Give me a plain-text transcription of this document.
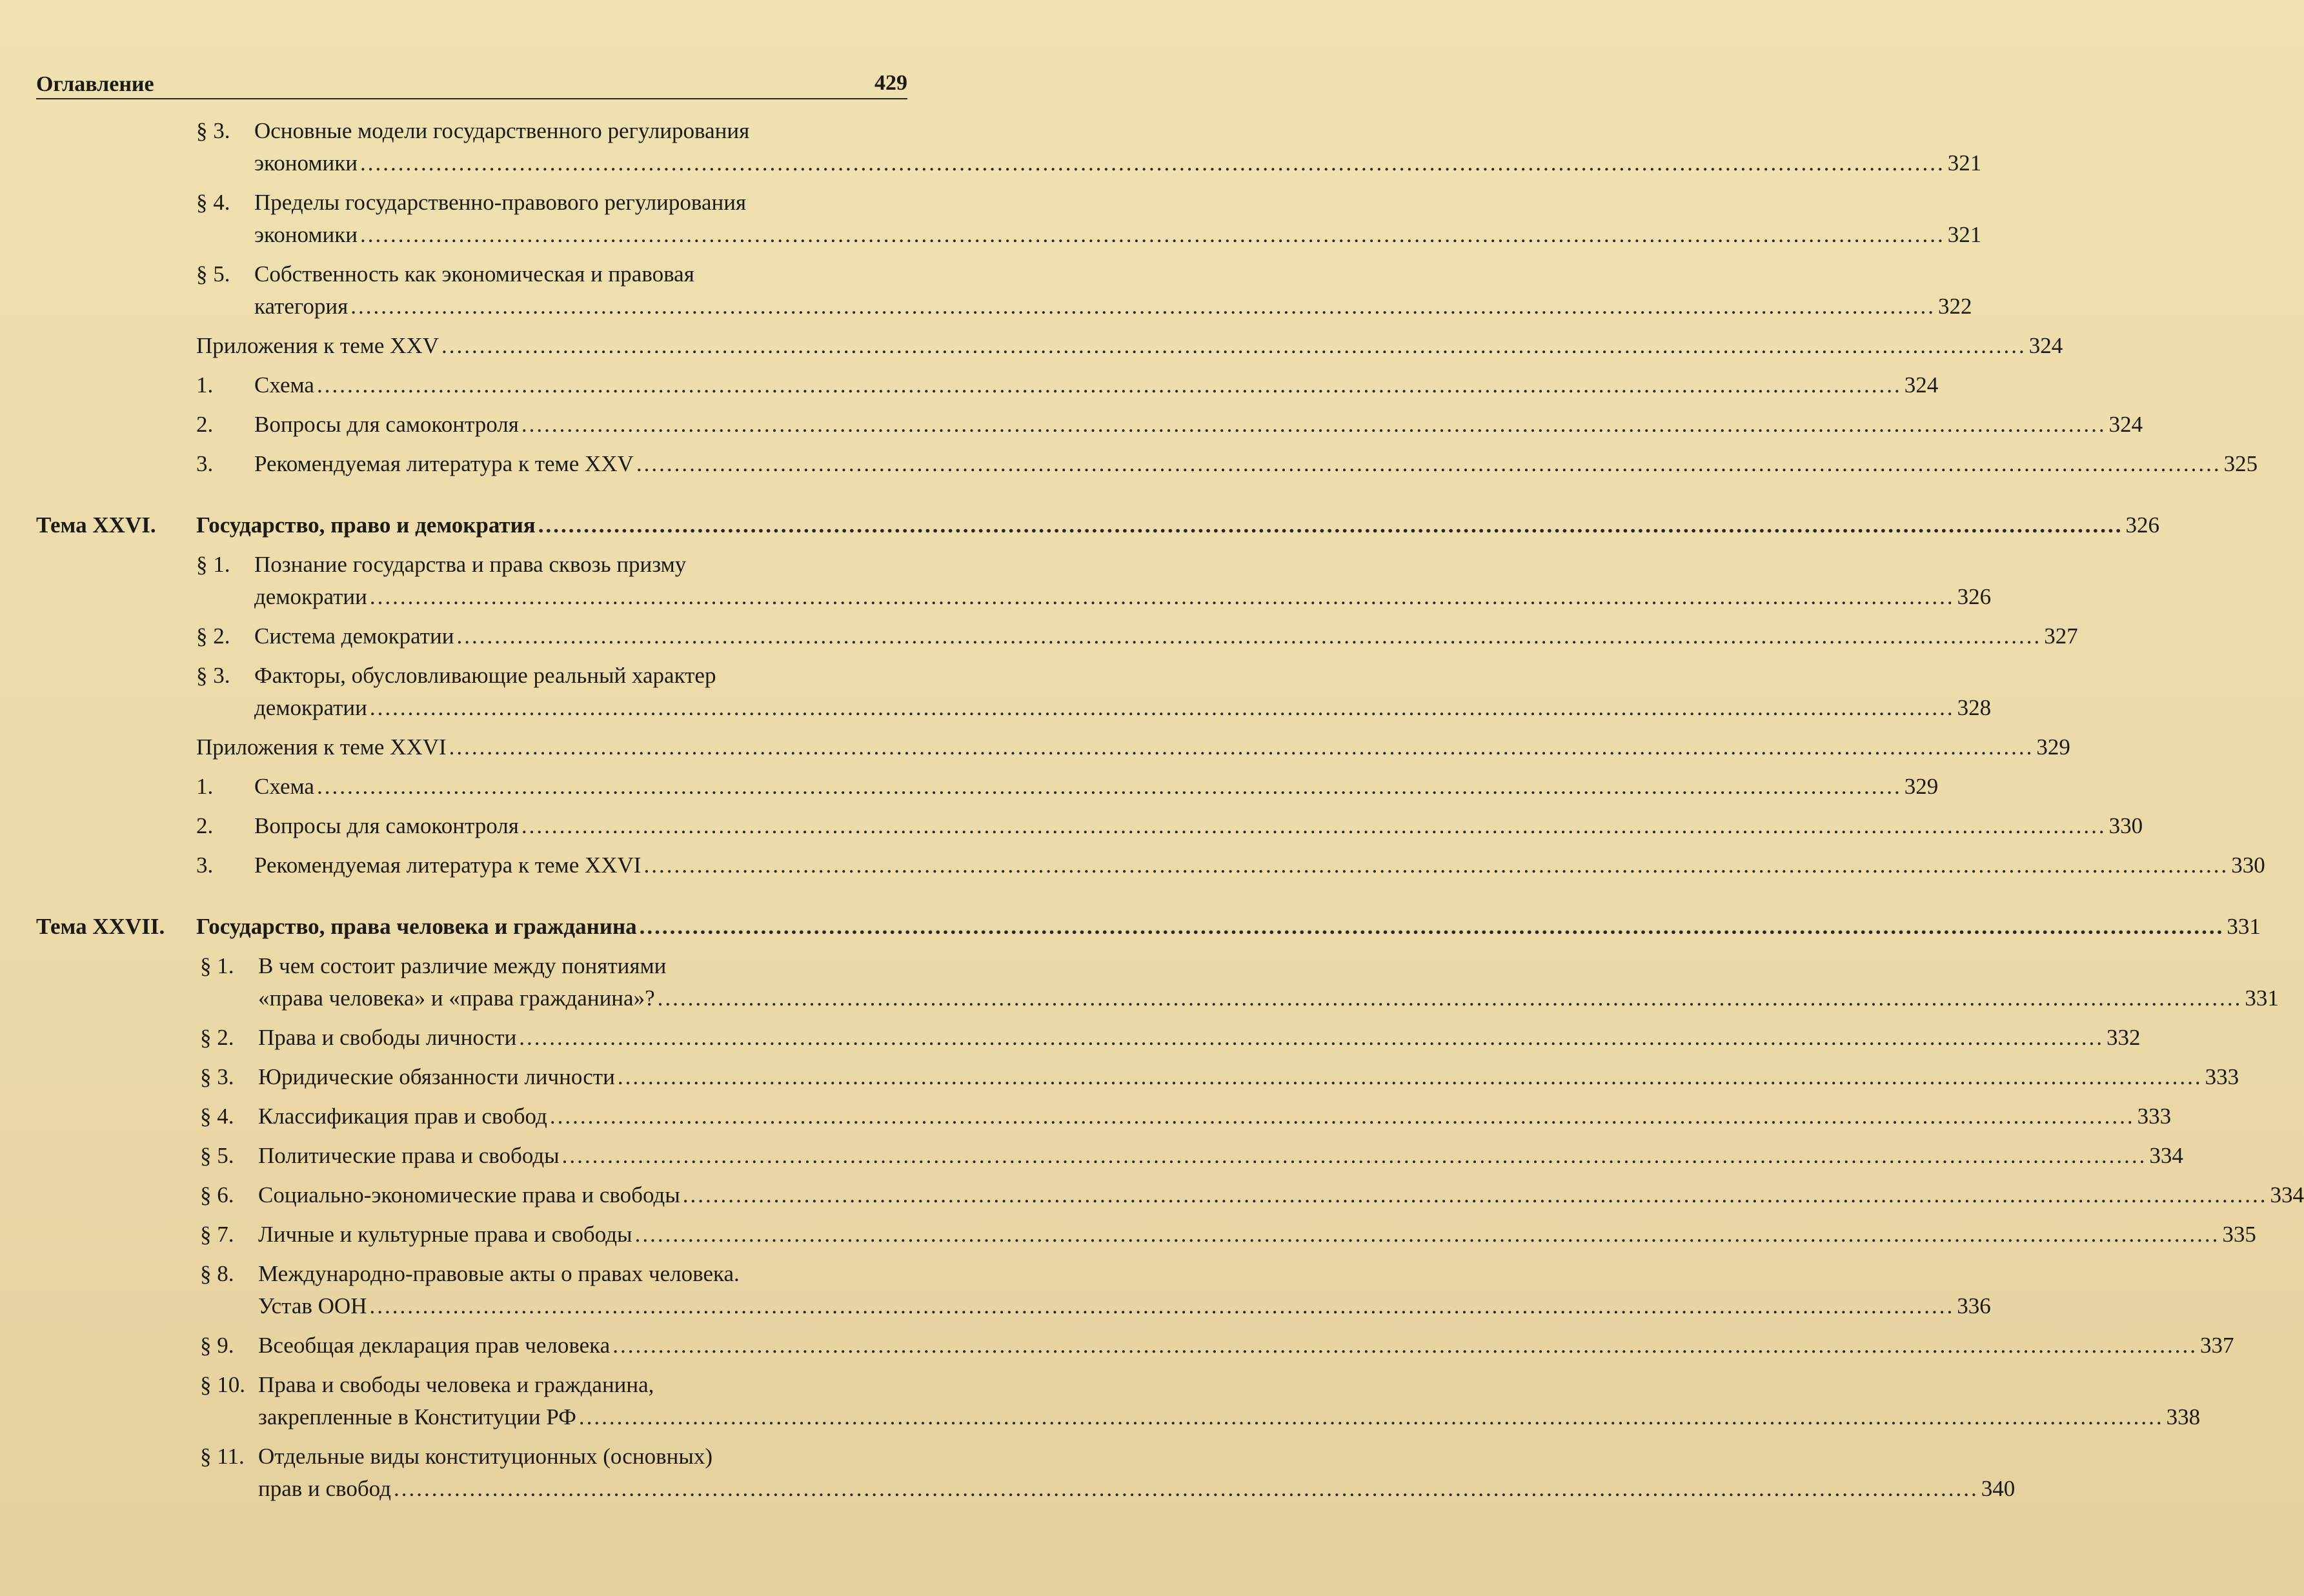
Оглавление	429
§ 3.	Основные модели государственного регулирования
экономики .....	321
§ 4.	Пределы государственно-правового регулирования
экономики .....	321
§ 5.	Собственность как экономическая и правовая
категория .....	322
Приложения к теме XXV .....	324
1.	Схема .....	324
2.	Вопросы для самоконтроля .....	324
3.	Рекомендуемая литература к теме XXV .....	325
Тема XXVI.	Государство, право и демократия .....	326
§ 1.	Познание государства и права сквозь призму
демократии .....	326
§ 2.	Система демократии .....	327
§ 3.	Факторы, обусловливающие реальный характер
демократии .....	328
Приложения к теме XXVI .....	329
1.	Схема .....	329
2.	Вопросы для самоконтроля .....	330
3.	Рекомендуемая литература к теме XXVI .....	330
Тема XXVII.	Государство, права человека и гражданина .....	331
§ 1.	В чем состоит различие между понятиями
«права человека» и «права гражданина»? .....	331
§ 2.	Права и свободы личности .....	332
§ 3.	Юридические обязанности личности .....	333
§ 4.	Классификация прав и свобод .....	333
§ 5.	Политические права и свободы .....	334
§ 6.	Социально-экономические права и свободы .....	334
§ 7.	Личные и культурные права и свободы .....	335
§ 8.	Международно-правовые акты о правах человека.
Устав ООН .....	336
§ 9.	Всеобщая декларация прав человека .....	337
§ 10. Права и свободы человека и гражданина,
закрепленные в Конституции РФ .....	338
§ 11. Отдельные виды конституционных (основных)
прав и свобод .....	340
